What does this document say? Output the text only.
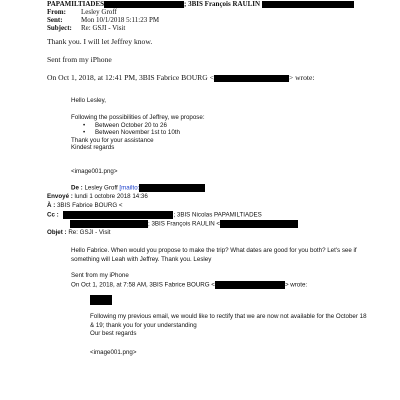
PAPAMILTIADES	; 3BIS François RAULIN
From: Lesley Groff
Sent:	Mon 10/1/2018 5:11:23 PM
Subject: Re: GSJI - Visit
Thank you. I will let Jeffrey know.
Sent from my iPhone
On Oct 1, 2018, at 12:41 PM, 3BIS Fabrice BOURG <	> wrote:
Hello Lesley,
Following the possibilities of Jeffrey, we propose:
• Between October 20 to 26
• Between November 1st to 10th
Thank you for your assistance
Kindest regards
<image001.png>
De : Lesley Groff [mailto:
Envoyé : lundi 1 octobre 2018 14:36
À : 3BIS Fabrice BOURG <
Cc :	; 3BIS Nicolas PAPAMILTIADES
; 3BIS François RAULIN <
Objet : Re: GSJI - Visit
Hello Fabrice. When would you propose to make the trip? What dates are good for you both? Let's see if something will Leah with Jeffrey. Thank you. Lesley
Sent from my iPhone
On Oct 1, 2018, at 7:58 AM, 3BIS Fabrice BOURG <	> wrote:
Following my previous email, we would like to rectify that we are now not available for the October 18 & 19; thank you for your understanding
Our best regards
<image001.png>
